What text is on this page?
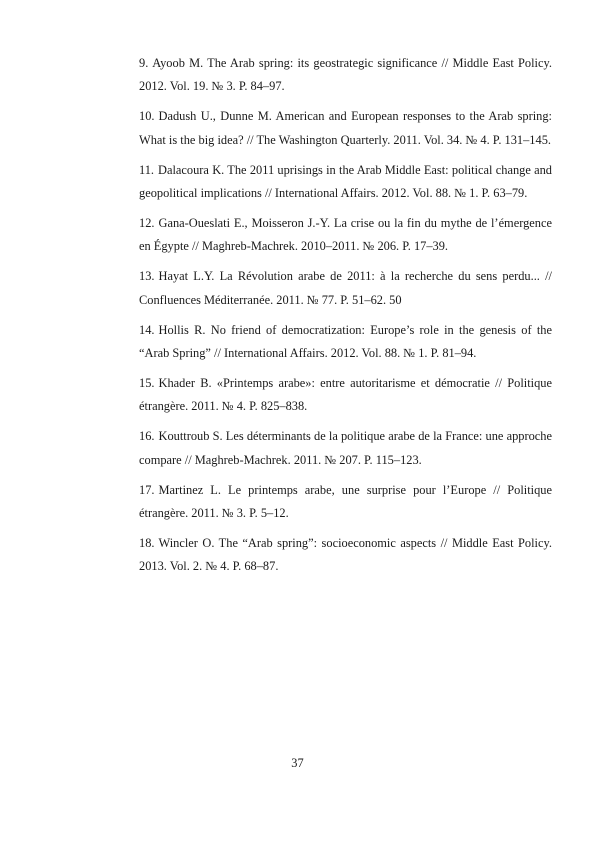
9. Ayoob M. The Arab spring: its geostrategic significance // Middle East Policy. 2012. Vol. 19. № 3. P. 84–97.

10. Dadush U., Dunne M. American and European responses to the Arab spring: What is the big idea? // The Washington Quarterly. 2011. Vol. 34. № 4. P. 131–145.

11. Dalacoura K. The 2011 uprisings in the Arab Middle East: political change and geopolitical implications // International Affairs. 2012. Vol. 88. № 1. P. 63–79.

12. Gana-Oueslati E., Moisseron J.-Y. La crise ou la fin du mythe de l’émergence en Égypte // Maghreb-Machrek. 2010–2011. № 206. P. 17–39.

13. Hayat L.Y. La Révolution arabe de 2011: à la recherche du sens perdu... // Confluences Méditerranée. 2011. № 77. P. 51–62. 50

14. Hollis R. No friend of democratization: Europe’s role in the genesis of the “Arab Spring” // International Affairs. 2012. Vol. 88. № 1. P. 81–94.

15. Khader B. «Printemps arabe»: entre autoritarisme et démocratie // Politique étrangère. 2011. № 4. P. 825–838.

16. Kouttroub S. Les déterminants de la politique arabe de la France: une approche compare // Maghreb-Machrek. 2011. № 207. P. 115–123.

17. Martinez L. Le printemps arabe, une surprise pour l’Europe // Politique étrangère. 2011. № 3. P. 5–12.

18. Wincler O. The “Arab spring”: socioeconomic aspects // Middle East Policy. 2013. Vol. 2. № 4. P. 68–87.

37
